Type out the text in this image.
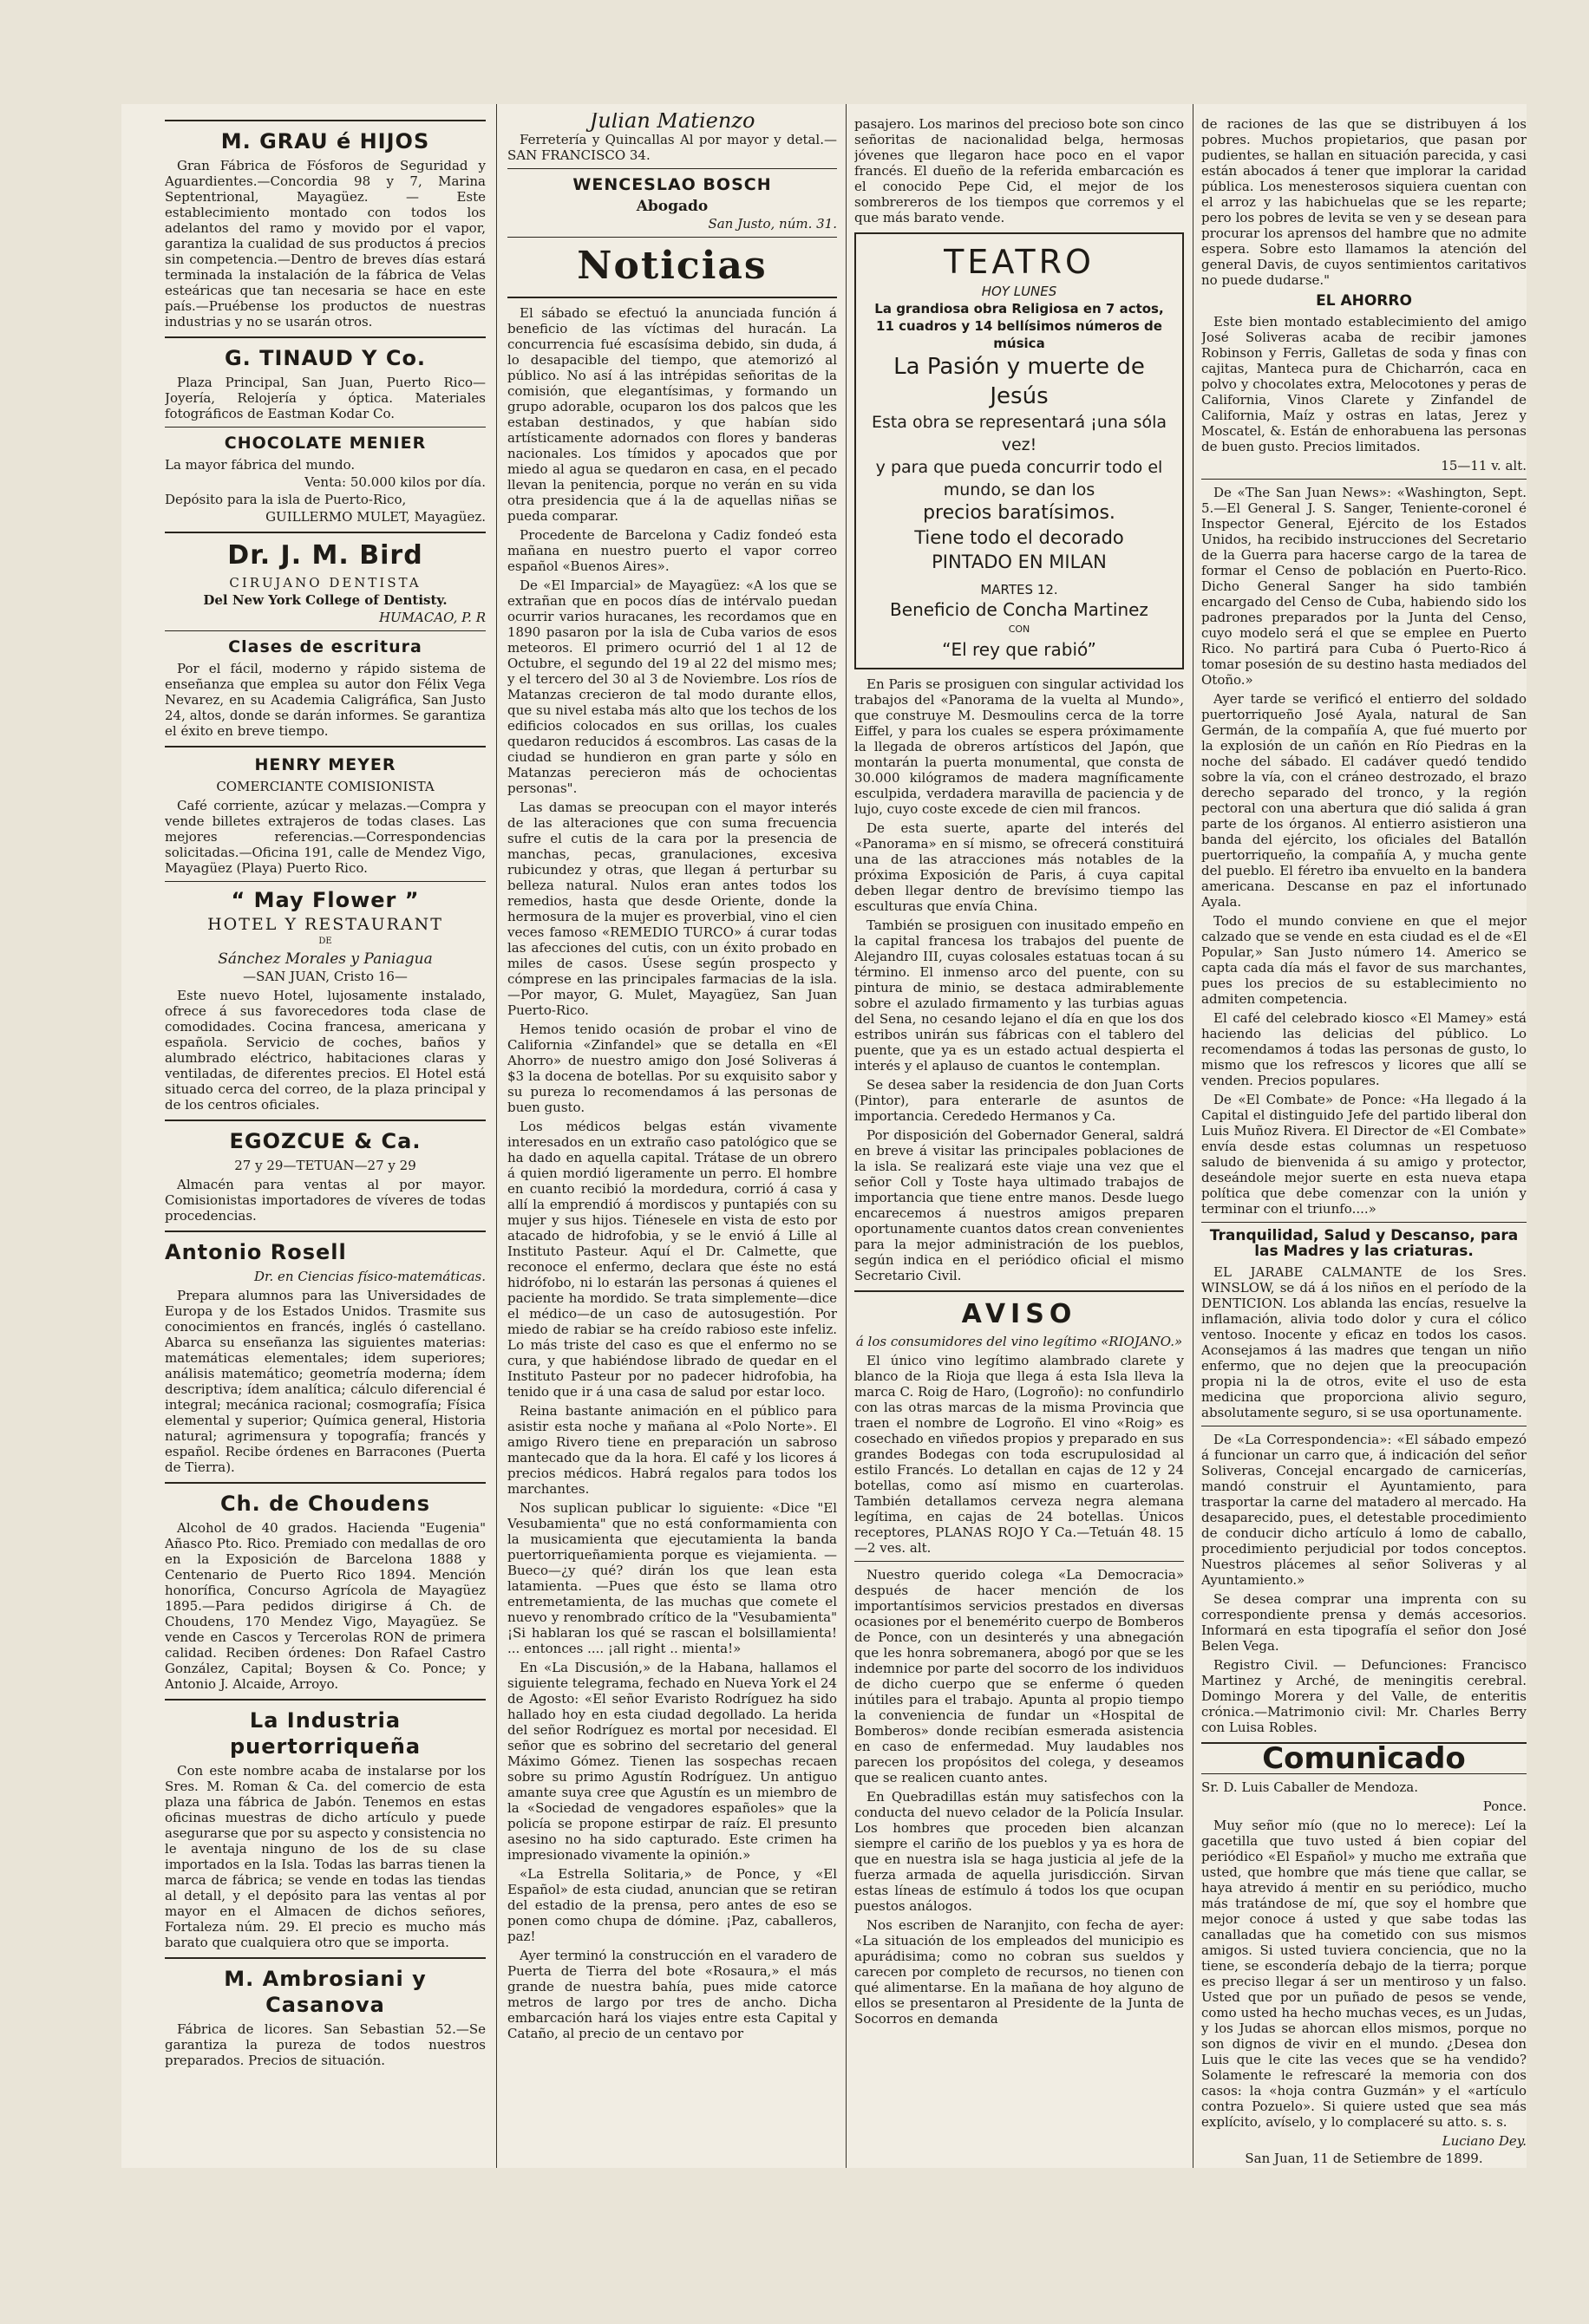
M. GRAU é HIJOS

Gran Fábrica de Fósforos de Seguridad y Aguardientes.—Concordia 98 y 7, Marina Septentrional, Mayagüez. — Este establecimiento montado con todos los adelantos del ramo y movido por el vapor, garantiza la cualidad de sus productos á precios sin competencia.—Dentro de breves días estará terminada la instalación de la fábrica de Velas esteáricas que tan necesaria se hace en este país.—Pruébense los productos de nuestras industrias y no se usarán otros.

G. TINAUD Y Co.

Plaza Principal, San Juan, Puerto Rico—Joyería, Relojería y óptica. Materiales fotográficos de Eastman Kodar Co.

CHOCOLATE MENIER
La mayor fábrica del mundo.
Venta: 50.000 kilos por día.
Depósito para la isla de Puerto-Rico,
GUILLERMO MULET, Mayagüez.
Dr. J. M. Bird
CIRUJANO DENTISTA
Del New York College of Dentisty.
HUMACAO, P. R
Clases de escritura

Por el fácil, moderno y rápido sistema de enseñanza que emplea su autor don Félix Vega Nevarez, en su Academia Caligráfica, San Justo 24, altos, donde se darán informes. Se garantiza el éxito en breve tiempo.

HENRY MEYER
COMERCIANTE COMISIONISTA

Café corriente, azúcar y melazas.—Compra y vende billetes extrajeros de todas clases. Las mejores referencias.—Correspondencias solicitadas.—Oficina 191, calle de Mendez Vigo, Mayagüez (Playa) Puerto Rico.

“ May Flower ”
HOTEL Y RESTAURANT
DE
Sánchez Morales y Paniagua
—SAN JUAN, Cristo 16—

Este nuevo Hotel, lujosamente instalado, ofrece á sus favorecedores toda clase de comodidades. Cocina francesa, americana y española. Servicio de coches, baños y alumbrado eléctrico, habitaciones claras y ventiladas, de diferentes precios. El Hotel está situado cerca del correo, de la plaza principal y de los centros oficiales.

EGOZCUE & Ca.
27 y 29—TETUAN—27 y 29

Almacén para ventas al por mayor. Comisionistas importadores de víveres de todas procedencias.

Antonio Rosell
Dr. en Ciencias físico-matemáticas.

Prepara alumnos para las Universidades de Europa y de los Estados Unidos. Trasmite sus conocimientos en francés, inglés ó castellano. Abarca su enseñanza las siguientes materias: matemáticas elementales; idem superiores; análisis matemático; geometría moderna; ídem descriptiva; ídem analítica; cálculo diferencial é integral; mecánica racional; cosmografía; Física elemental y superior; Química general, Historia natural; agrimensura y topografía; francés y español. Recibe órdenes en Barracones (Puerta de Tierra).

Ch. de Choudens

Alcohol de 40 grados. Hacienda "Eugenia" Añasco Pto. Rico. Premiado con medallas de oro en la Exposición de Barcelona 1888 y Centenario de Puerto Rico 1894. Mención honorífica, Concurso Agrícola de Mayagüez 1895.—Para pedidos dirigirse á Ch. de Choudens, 170 Mendez Vigo, Mayagüez. Se vende en Cascos y Tercerolas RON de primera calidad. Reciben órdenes: Don Rafael Castro González, Capital; Boysen & Co. Ponce; y Antonio J. Alcaide, Arroyo.

La Industria puertorriqueña

Con este nombre acaba de instalarse por los Sres. M. Roman & Ca. del comercio de esta plaza una fábrica de Jabón. Tenemos en estas oficinas muestras de dicho artículo y puede asegurarse que por su aspecto y consistencia no le aventaja ninguno de los de su clase importados en la Isla. Todas las barras tienen la marca de fábrica; se vende en todas las tiendas al detall, y el depósito para las ventas al por mayor en el Almacen de dichos señores, Fortaleza núm. 29. El precio es mucho más barato que cualquiera otro que se importa.

M. Ambrosiani y Casanova

Fábrica de licores. San Sebastian 52.—Se garantiza la pureza de todos nuestros preparados. Precios de situación.

Julian Matienzo

Ferretería y Quincallas Al por mayor y detal.—SAN FRANCISCO 34.

WENCESLAO BOSCH
Abogado
San Justo, núm. 31.
Noticias

El sábado se efectuó la anunciada función á beneficio de las víctimas del huracán. La concurrencia fué escasísima debido, sin duda, á lo desapacible del tiempo, que atemorizó al público. No así á las intrépidas señoritas de la comisión, que elegantísimas, y formando un grupo adorable, ocuparon los dos palcos que les estaban destinados, y que habían sido artísticamente adornados con flores y banderas nacionales. Los tímidos y apocados que por miedo al agua se quedaron en casa, en el pecado llevan la penitencia, porque no verán en su vida otra presidencia que á la de aquellas niñas se pueda comparar.

Procedente de Barcelona y Cadiz fondeó esta mañana en nuestro puerto el vapor correo español «Buenos Aires».

De «El Imparcial» de Mayagüez: «A los que se extrañan que en pocos días de intérvalo puedan ocurrir varios huracanes, les recordamos que en 1890 pasaron por la isla de Cuba varios de esos meteoros. El primero ocurrió del 1 al 12 de Octubre, el segundo del 19 al 22 del mismo mes; y el tercero del 30 al 3 de Noviembre. Los ríos de Matanzas crecieron de tal modo durante ellos, que su nivel estaba más alto que los techos de los edificios colocados en sus orillas, los cuales quedaron reducidos á escombros. Las casas de la ciudad se hundieron en gran parte y sólo en Matanzas perecieron más de ochocientas personas".

Las damas se preocupan con el mayor interés de las alteraciones que con suma frecuencia sufre el cutis de la cara por la presencia de manchas, pecas, granulaciones, excesiva rubicundez y otras, que llegan á perturbar su belleza natural. Nulos eran antes todos los remedios, hasta que desde Oriente, donde la hermosura de la mujer es proverbial, vino el cien veces famoso «REMEDIO TURCO» á curar todas las afecciones del cutis, con un éxito probado en miles de casos. Úsese según prospecto y cómprese en las principales farmacias de la isla.—Por mayor, G. Mulet, Mayagüez, San Juan Puerto-Rico.

Hemos tenido ocasión de probar el vino de California «Zinfandel» que se detalla en «El Ahorro» de nuestro amigo don José Soliveras á $3 la docena de botellas. Por su exquisito sabor y su pureza lo recomendamos á las personas de buen gusto.

Los médicos belgas están vivamente interesados en un extraño caso patológico que se ha dado en aquella capital. Trátase de un obrero á quien mordió ligeramente un perro. El hombre en cuanto recibió la mordedura, corrió á casa y allí la emprendió á mordiscos y puntapiés con su mujer y sus hijos. Tiénesele en vista de esto por atacado de hidrofobia, y se le envió á Lille al Instituto Pasteur. Aquí el Dr. Calmette, que reconoce el enfermo, declara que éste no está hidrófobo, ni lo estarán las personas á quienes el paciente ha mordido. Se trata simplemente—dice el médico—de un caso de autosugestión. Por miedo de rabiar se ha creído rabioso este infeliz. Lo más triste del caso es que el enfermo no se cura, y que habiéndose librado de quedar en el Instituto Pasteur por no padecer hidrofobia, ha tenido que ir á una casa de salud por estar loco.

Reina bastante animación en el público para asistir esta noche y mañana al «Polo Norte». El amigo Rivero tiene en preparación un sabroso mantecado que da la hora. El café y los licores á precios médicos. Habrá regalos para todos los marchantes.

Nos suplican publicar lo siguiente: «Dice "El Vesubamienta" que no está conformamienta con la musicamienta que ejecutamienta la banda puertorriqueñamienta porque es viejamienta. —Bueco—¿y qué? dirán los que lean esta latamienta. —Pues que ésto se llama otro entremetamienta, de las muchas que comete el nuevo y renombrado crítico de la "Vesubamienta" ¡Si hablaran los qué se rascan el bolsillamienta! ... entonces .... ¡all right .. mienta!»

En «La Discusión,» de la Habana, hallamos el siguiente telegrama, fechado en Nueva York el 24 de Agosto: «El señor Evaristo Rodríguez ha sido hallado hoy en esta ciudad degollado. La herida del señor Rodríguez es mortal por necesidad. El señor que es sobrino del secretario del general Máximo Gómez. Tienen las sospechas recaen sobre su primo Agustín Rodríguez. Un antiguo amante suya cree que Agustín es un miembro de la «Sociedad de vengadores españoles» que la policía se propone estirpar de raíz. El presunto asesino no ha sido capturado. Este crimen ha impresionado vivamente la opinión.»

«La Estrella Solitaria,» de Ponce, y «El Español» de esta ciudad, anuncian que se retiran del estadio de la prensa, pero antes de eso se ponen como chupa de dómine. ¡Paz, caballeros, paz!

Ayer terminó la construcción en el varadero de Puerta de Tierra del bote «Rosaura,» el más grande de nuestra bahía, pues mide catorce metros de largo por tres de ancho. Dicha embarcación hará los viajes entre esta Capital y Cataño, al precio de un centavo por

pasajero. Los marinos del precioso bote son cinco señoritas de nacionalidad belga, hermosas jóvenes que llegaron hace poco en el vapor francés. El dueño de la referida embarcación es el conocido Pepe Cid, el mejor de los sombrereros de los tiempos que corremos y el que más barato vende.

TEATRO
HOY LUNES
La grandiosa obra Religiosa en 7 actos, 11 cuadros y 14 bellísimos números de música
La Pasión y muerte de Jesús
Esta obra se representará ¡una sóla vez!
y para que pueda concurrir todo el mundo, se dan los
precios baratísimos.
Tiene todo el decorado
PINTADO EN MILAN
MARTES 12.
Beneficio de Concha Martinez
CON
“El rey que rabió”

En Paris se prosiguen con singular actividad los trabajos del «Panorama de la vuelta al Mundo», que construye M. Desmoulins cerca de la torre Eiffel, y para los cuales se espera próximamente la llegada de obreros artísticos del Japón, que montarán la puerta monumental, que consta de 30.000 kilógramos de madera magníficamente esculpida, verdadera maravilla de paciencia y de lujo, cuyo coste excede de cien mil francos.

De esta suerte, aparte del interés del «Panorama» en sí mismo, se ofrecerá constituirá una de las atracciones más notables de la próxima Exposición de Paris, á cuya capital deben llegar dentro de brevísimo tiempo las esculturas que envía China.

También se prosiguen con inusitado empeño en la capital francesa los trabajos del puente de Alejandro III, cuyas colosales estatuas tocan á su término. El inmenso arco del puente, con su pintura de minio, se destaca admirablemente sobre el azulado firmamento y las turbias aguas del Sena, no cesando lejano el día en que los dos estribos unirán sus fábricas con el tablero del puente, que ya es un estado actual despierta el interés y el aplauso de cuantos le contemplan.

Se desea saber la residencia de don Juan Corts (Pintor), para enterarle de asuntos de importancia. Cerededo Hermanos y Ca.

Por disposición del Gobernador General, saldrá en breve á visitar las principales poblaciones de la isla. Se realizará este viaje una vez que el señor Coll y Toste haya ultimado trabajos de importancia que tiene entre manos. Desde luego encarecemos á nuestros amigos preparen oportunamente cuantos datos crean convenientes para la mejor administración de los pueblos, según indica en el periódico oficial el mismo Secretario Civil.

AVISO
á los consumidores del vino legítimo «RIOJANO.»

El único vino legítimo alambrado clarete y blanco de la Rioja que llega á esta Isla lleva la marca C. Roig de Haro, (Logroño): no confundirlo con las otras marcas de la misma Provincia que traen el nombre de Logroño. El vino «Roig» es cosechado en viñedos propios y preparado en sus grandes Bodegas con toda escrupulosidad al estilo Francés. Lo detallan en cajas de 12 y 24 botellas, como así mismo en cuarterolas. También detallamos cerveza negra alemana legítima, en cajas de 24 botellas. Únicos receptores, PLANAS ROJO Y Ca.—Tetuán 48. 15—2 ves. alt.

Nuestro querido colega «La Democracia» después de hacer mención de los importantísimos servicios prestados en diversas ocasiones por el benemérito cuerpo de Bomberos de Ponce, con un desinterés y una abnegación que les honra sobremanera, abogó por que se les indemnice por parte del socorro de los individuos de dicho cuerpo que se enferme ó queden inútiles para el trabajo. Apunta al propio tiempo la conveniencia de fundar un «Hospital de Bomberos» donde recibían esmerada asistencia en caso de enfermedad. Muy laudables nos parecen los propósitos del colega, y deseamos que se realicen cuanto antes.

En Quebradillas están muy satisfechos con la conducta del nuevo celador de la Policía Insular. Los hombres que proceden bien alcanzan siempre el cariño de los pueblos y ya es hora de que en nuestra isla se haga justicia al jefe de la fuerza armada de aquella jurisdicción. Sirvan estas líneas de estímulo á todos los que ocupan puestos análogos.

Nos escriben de Naranjito, con fecha de ayer: «La situación de los empleados del municipio es apurádisima; como no cobran sus sueldos y carecen por completo de recursos, no tienen con qué alimentarse. En la mañana de hoy alguno de ellos se presentaron al Presidente de la Junta de Socorros en demanda

de raciones de las que se distribuyen á los pobres. Muchos propietarios, que pasan por pudientes, se hallan en situación parecida, y casi están abocados á tener que implorar la caridad pública. Los menesterosos siquiera cuentan con el arroz y las habichuelas que se les reparte; pero los pobres de levita se ven y se desean para procurar los aprensos del hambre que no admite espera. Sobre esto llamamos la atención del general Davis, de cuyos sentimientos caritativos no puede dudarse."

EL AHORRO

Este bien montado establecimiento del amigo José Soliveras acaba de recibir jamones Robinson y Ferris, Galletas de soda y finas con cajitas, Manteca pura de Chicharrón, caca en polvo y chocolates extra, Melocotones y peras de California, Vinos Clarete y Zinfandel de California, Maíz y ostras en latas, Jerez y Moscatel, &. Están de enhorabuena las personas de buen gusto. Precios limitados.

15—11 v. alt.

De «The San Juan News»: «Washington, Sept. 5.—El General J. S. Sanger, Teniente-coronel é Inspector General, Ejército de los Estados Unidos, ha recibido instrucciones del Secretario de la Guerra para hacerse cargo de la tarea de formar el Censo de población en Puerto-Rico. Dicho General Sanger ha sido también encargado del Censo de Cuba, habiendo sido los padrones preparados por la Junta del Censo, cuyo modelo será el que se emplee en Puerto Rico. No partirá para Cuba ó Puerto-Rico á tomar posesión de su destino hasta mediados del Otoño.»

Ayer tarde se verificó el entierro del soldado puertorriqueño José Ayala, natural de San Germán, de la compañía A, que fué muerto por la explosión de un cañón en Río Piedras en la noche del sábado. El cadáver quedó tendido sobre la vía, con el cráneo destrozado, el brazo derecho separado del tronco, y la región pectoral con una abertura que dió salida á gran parte de los órganos. Al entierro asistieron una banda del ejército, los oficiales del Batallón puertorriqueño, la compañía A, y mucha gente del pueblo. El féretro iba envuelto en la bandera americana. Descanse en paz el infortunado Ayala.

Todo el mundo conviene en que el mejor calzado que se vende en esta ciudad es el de «El Popular,» San Justo número 14. Americo se capta cada día más el favor de sus marchantes, pues los precios de su establecimiento no admiten competencia.

El café del celebrado kiosco «El Mamey» está haciendo las delicias del público. Lo recomendamos á todas las personas de gusto, lo mismo que los refrescos y licores que allí se venden. Precios populares.

De «El Combate» de Ponce: «Ha llegado á la Capital el distinguido Jefe del partido liberal don Luis Muñoz Rivera. El Director de «El Combate» envía desde estas columnas un respetuoso saludo de bienvenida á su amigo y protector, deseándole mejor suerte en esta nueva etapa política que debe comenzar con la unión y terminar con el triunfo....»

Tranquilidad, Salud y Descanso, para las Madres y las criaturas.

EL JARABE CALMANTE de los Sres. WINSLOW, se dá á los niños en el período de la DENTICION. Los ablanda las encías, resuelve la inflamación, alivia todo dolor y cura el cólico ventoso. Inocente y eficaz en todos los casos. Aconsejamos á las madres que tengan un niño enfermo, que no dejen que la preocupación propia ni la de otros, evite el uso de esta medicina que proporciona alivio seguro, absolutamente seguro, si se usa oportunamente.

De «La Correspondencia»: «El sábado empezó á funcionar un carro que, á indicación del señor Soliveras, Concejal encargado de carnicerías, mandó construir el Ayuntamiento, para trasportar la carne del matadero al mercado. Ha desaparecido, pues, el detestable procedimiento de conducir dicho artículo á lomo de caballo, procedimiento perjudicial por todos conceptos. Nuestros plácemes al señor Soliveras y al Ayuntamiento.»

Se desea comprar una imprenta con su correspondiente prensa y demás accesorios. Informará en esta tipografía el señor don José Belen Vega.

Registro Civil. — Defunciones: Francisco Martinez y Arché, de meningitis cerebral. Domingo Morera y del Valle, de enteritis crónica.—Matrimonio civil: Mr. Charles Berry con Luisa Robles.

Comunicado

Sr. D. Luis Caballer de Mendoza.

Ponce.

Muy señor mío (que no lo merece): Leí la gacetilla que tuvo usted á bien copiar del periódico «El Español» y mucho me extraña que usted, que hombre que más tiene que callar, se haya atrevido á mentir en su periódico, mucho más tratándose de mí, que soy el hombre que mejor conoce á usted y que sabe todas las canalladas que ha cometido con sus mismos amigos. Si usted tuviera conciencia, que no la tiene, se escondería debajo de la tierra; porque es preciso llegar á ser un mentiroso y un falso. Usted que por un puñado de pesos se vende, como usted ha hecho muchas veces, es un Judas, y los Judas se ahorcan ellos mismos, porque no son dignos de vivir en el mundo. ¿Desea don Luis que le cite las veces que se ha vendido? Solamente le refrescaré la memoria con dos casos: la «hoja contra Guzmán» y el «artículo contra Pozuelo». Si quiere usted que sea más explícito, avíselo, y lo complaceré su atto. s. s.

Luciano Dey.
San Juan, 11 de Setiembre de 1899.
